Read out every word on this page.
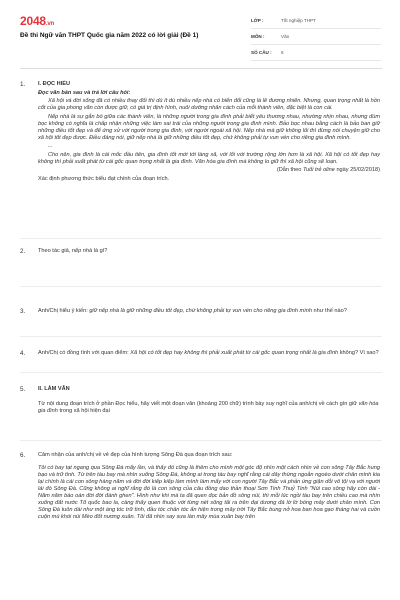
2048.vn
Đề thi Ngữ văn THPT Quốc gia năm 2022 có lời giải (Đề 1)
LỚP :	Tốt nghiệp THPT
MÔN :	Văn
SỐ CÂU :	6
1. I. ĐỌC HIỂU

Đọc văn bản sau và trả lời câu hỏi:

Xã hội và đời sống đã có nhiều thay đổi thì dù ít dù nhiều nếp nhà có biến đổi cũng là lẽ đương nhiên. Nhưng, quan trọng nhất là hồn cốt của gia phong văn còn được giữ, có giá trị định hình, nuôi dưỡng nhân cách của mỗi thành viên, đặc biệt là con cái.

Nếp nhà là sự gắn bó giữa các thành viên, là những người trong gia đình phải biết yêu thương nhau, nhường nhịn nhau, nhưng đùm bọc không có nghĩa là chấp nhận những việc làm sai trái của những người trong gia đình mình. Bảo bọc nhau bằng cách là bảo ban giữ những điều tốt đẹp và để ứng xử với người trong gia đình, với người ngoài xã hội. Nếp nhà mà giữ không lối thì đừng nói chuyện giữ cho xã hội tốt đẹp được. Điều đáng nói, giữ nếp nhà là giữ những điều tốt đẹp, chứ không phải tự vun vén cho riêng gia đình mình.

...

Cho nên, gia đình là cái mốc đầu tiên, gia đình tốt mới tới làng xã, với lối với trường rộng lớn hơn là xã hội. Xã hội có tốt đẹp hay không thì phải xuất phát từ cái gốc quan trọng nhất là gia đình. Văn hóa gia đình mà không lo giữ thì xã hội cũng sẽ loạn.

(Dẫn theo Tuổi trẻ oline ngày 25/02/2018)

Xác định phương thức biểu đạt chính của đoạn trích.

2. Theo tác giả, nếp nhà là gì?

3. Anh/Chị hiểu ý kiến: giữ nếp nhà là giữ những điều tốt đẹp, chứ không phải tự vun vén cho riêng gia đình mình như thế nào?

4. Anh/Chị có đồng tình với quan điểm: Xã hội có tốt đẹp hay không thì phải xuất phát từ cái gốc quan trọng nhất là gia đình không? Vì sao?

5. II. LÀM VĂN

Từ nội dung đoạn trích ở phần Đọc hiểu, hãy viết một đoạn văn (khoảng 200 chữ) trình bày suy nghĩ của anh/chị về cách gìn giữ văn hóa gia đình trong xã hội hiện đại

6. Cảm nhận của anh/chị về vẻ đẹp của hình tượng Sông Đà qua đoạn trích sau:

Tôi có bay tạt ngang qua Sông Đà mấy lần, và thấy đó cũng là thêm cho mình một góc độ nhìn một cách nhìn về con sông Tây Bắc hung bạo và trữ tình. Từ trên tàu bay mà nhìn xuống Sông Đà, không ai trong tàu bay nghĩ rằng cái dây thừng ngoằn ngoèo dưới chân mình kia lại chính là cái con sông hàng năm và đời đời kiếp kiếp làm mình làm mẩy với con người Tây Bắc và phản ứng giận dỗi vô tội vạ với người lái đò Sông Đà. Cũng không ai nghĩ rằng đó là con sông của câu đồng dao thần thoại Sơn Tinh Thuỷ Tinh "Núi cao sông hãy còn dài - Năm năm báo oán đời đời đánh ghen". Hình như khi mà ta đã quen đọc bản đồ sông núi, thì mỗi lúc ngồi tàu bay trên chiều cao mà nhìn xuống đất nước Tổ quốc bao la, càng thấy quen thuộc với từng nét sông tãi ra trên đại dương đá lờ lờ bóng mây dưới chân mình. Con Sông Đà tuôn dài như một áng tóc trữ tình, đầu tóc chân tóc ẩn hiện trong mây trời Tây Bắc bung nở hoa ban hoa gạo tháng hai và cuồn cuộn mù khói núi Mèo đốt nương xuân. Tôi đã nhìn say sưa làn mây mùa xuân bay trên
